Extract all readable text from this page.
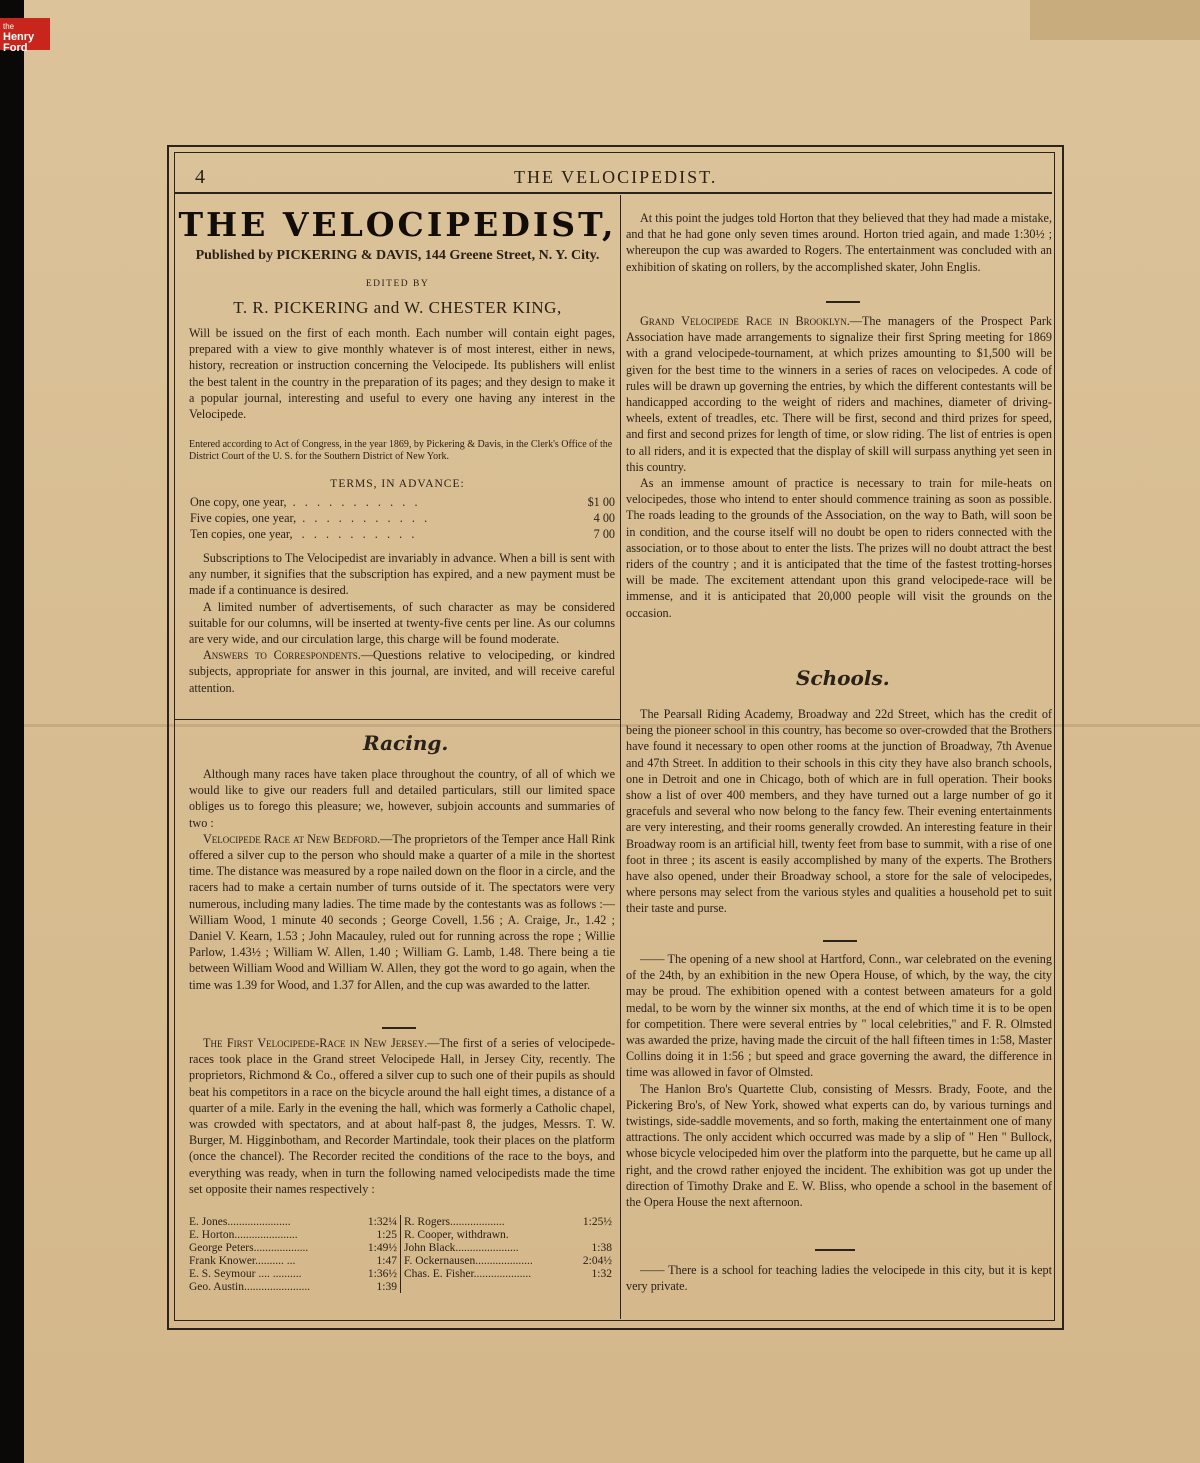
the
Henry
Ford
4	THE VELOCIPEDIST.
THE VELOCIPEDIST,
Published by PICKERING & DAVIS, 144 Greene Street, N. Y. City.
EDITED BY
T. R. PICKERING and W. CHESTER KING,

Will be issued on the first of each month. Each number will contain eight pages, prepared with a view to give monthly whatever is of most interest, either in news, history, recreation or instruction concerning the Velocipede. Its publishers will enlist the best talent in the country in the preparation of its pages; and they design to make it a popular journal, interesting and useful to every one having any interest in the Velocipede.

Entered according to Act of Congress, in the year 1869, by Pickering & Davis, in the Clerk's Office of the District Court of the U. S. for the Southern District of New York.
TERMS, IN ADVANCE:
One copy, one year,  .   .   .   .   .   .   .   .   .   .   .	$1 00
Five copies, one year,  .   .   .   .   .   .   .   .   .   .   .	4 00
Ten copies, one year,   .   .   .   .   .   .   .   .   .   .	7 00

Subscriptions to The Velocipedist are invariably in advance. When a bill is sent with any number, it signifies that the subscription has expired, and a new payment must be made if a continuance is desired.

A limited number of advertisements, of such character as may be considered suitable for our columns, will be inserted at twenty-five cents per line. As our columns are very wide, and our circulation large, this charge will be found moderate.

Answers to Correspondents.—Questions relative to velocipeding, or kindred subjects, appropriate for answer in this journal, are invited, and will receive careful attention.

Racing.

Although many races have taken place throughout the country, of all of which we would like to give our readers full and detailed particulars, still our limited space obliges us to forego this pleasure; we, however, subjoin accounts and summaries of two :

Velocipede Race at New Bedford.—The proprietors of the Temper ance Hall Rink offered a silver cup to the person who should make a quarter of a mile in the shortest time. The distance was measured by a rope nailed down on the floor in a circle, and the racers had to make a certain number of turns outside of it. The spectators were very numerous, including many ladies. The time made by the contestants was as follows :—William Wood, 1 minute 40 seconds ; George Covell, 1.56 ; A. Craige, Jr., 1.42 ; Daniel V. Kearn, 1.53 ; John Macauley, ruled out for running across the rope ; Willie Parlow, 1.43½ ; William W. Allen, 1.40 ; William G. Lamb, 1.48. There being a tie between William Wood and William W. Allen, they got the word to go again, when the time was 1.39 for Wood, and 1.37 for Allen, and the cup was awarded to the latter.

The First Velocipede-Race in New Jersey.—The first of a series of velocipede-races took place in the Grand street Velocipede Hall, in Jersey City, recently. The proprietors, Richmond & Co., offered a silver cup to such one of their pupils as should beat his competitors in a race on the bicycle around the hall eight times, a distance of a quarter of a mile. Early in the evening the hall, which was formerly a Catholic chapel, was crowded with spectators, and at about half-past 8, the judges, Messrs. T. W. Burger, M. Higginbotham, and Recorder Martindale, took their places on the platform (once the chancel). The Recorder recited the conditions of the race to the boys, and everything was ready, when in turn the following named velocipedists made the time set opposite their names respectively :

E. Jones......................	1:32¼
E. Horton......................	1:25
George Peters...................	1:49½
Frank Knower.......... ...	1:47
E. S. Seymour .... ..........	1:36½
Geo. Austin.......................	1:39
R. Rogers...................	1:25½
R. Cooper, withdrawn.
John Black......................	1:38
F. Ockernausen....................	2:04½
Chas. E. Fisher....................	1:32

At this point the judges told Horton that they believed that they had made a mistake, and that he had gone only seven times around. Horton tried again, and made 1:30½ ; whereupon the cup was awarded to Rogers. The entertainment was concluded with an exhibition of skating on rollers, by the accomplished skater, John Englis.

Grand Velocipede Race in Brooklyn.—The managers of the Prospect Park Association have made arrangements to signalize their first Spring meeting for 1869 with a grand velocipede-tournament, at which prizes amounting to $1,500 will be given for the best time to the winners in a series of races on velocipedes. A code of rules will be drawn up governing the entries, by which the different contestants will be handicapped according to the weight of riders and machines, diameter of driving-wheels, extent of treadles, etc. There will be first, second and third prizes for speed, and first and second prizes for length of time, or slow riding. The list of entries is open to all riders, and it is expected that the display of skill will surpass anything yet seen in this country.

As an immense amount of practice is necessary to train for mile-heats on velocipedes, those who intend to enter should commence training as soon as possible. The roads leading to the grounds of the Association, on the way to Bath, will soon be in condition, and the course itself will no doubt be open to riders connected with the association, or to those about to enter the lists. The prizes will no doubt attract the best riders of the country ; and it is anticipated that the time of the fastest trotting-horses will be made. The excitement attendant upon this grand velocipede-race will be immense, and it is anticipated that 20,000 people will visit the grounds on the occasion.

Schools.

The Pearsall Riding Academy, Broadway and 22d Street, which has the credit of being the pioneer school in this country, has become so over-crowded that the Brothers have found it necessary to open other rooms at the junction of Broadway, 7th Avenue and 47th Street. In addition to their schools in this city they have also branch schools, one in Detroit and one in Chicago, both of which are in full operation. Their books show a list of over 400 members, and they have turned out a large number of go it gracefuls and several who now belong to the fancy few. Their evening entertainments are very interesting, and their rooms generally crowded. An interesting feature in their Broadway room is an artificial hill, twenty feet from base to summit, with a rise of one foot in three ; its ascent is easily accomplished by many of the experts. The Brothers have also opened, under their Broadway school, a store for the sale of velocipedes, where persons may select from the various styles and qualities a household pet to suit their taste and purse.

—— The opening of a new shool at Hartford, Conn., war celebrated on the evening of the 24th, by an exhibition in the new Opera House, of which, by the way, the city may be proud. The exhibition opened with a contest between amateurs for a gold medal, to be worn by the winner six months, at the end of which time it is to be open for competition. There were several entries by " local celebrities," and F. R. Olmsted was awarded the prize, having made the circuit of the hall fifteen times in 1:58, Master Collins doing it in 1:56 ; but speed and grace governing the award, the difference in time was allowed in favor of Olmsted.

The Hanlon Bro's Quartette Club, consisting of Messrs. Brady, Foote, and the Pickering Bro's, of New York, showed what experts can do, by various turnings and twistings, side-saddle movements, and so forth, making the entertainment one of many attractions. The only accident which occurred was made by a slip of " Hen " Bullock, whose bicycle velocipeded him over the platform into the parquette, but he came up all right, and the crowd rather enjoyed the incident. The exhibition was got up under the direction of Timothy Drake and E. W. Bliss, who opende a school in the basement of the Opera House the next afternoon.

—— There is a school for teaching ladies the velocipede in this city, but it is kept very private.
